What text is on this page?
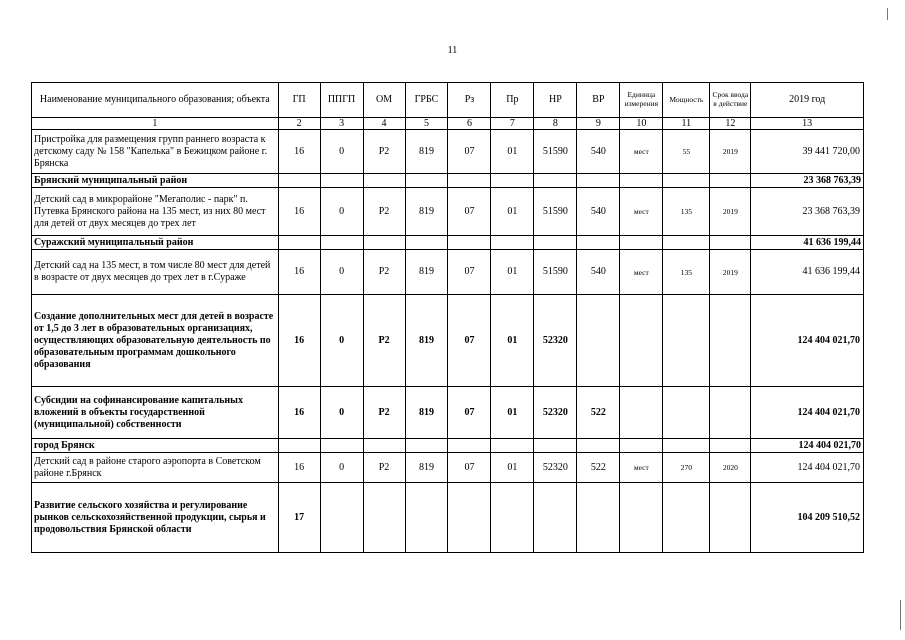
11
Наименование муниципального образования; объекта	ГП	ППГП	ОМ	ГРБС	Рз	Пр	НР	ВР	Единица измерения	Мощность	Срок ввода в действие	2019 год
1	2	3	4	5	6	7	8	9	10	11	12	13
Пристройка для размещения групп раннего возраста к детскому саду № 158 "Капелька" в Бежицком районе г. Брянска	16	0	Р2	819	07	01	51590	540	мест	55	2019	39 441 720,00
Брянский муниципальный район												23 368 763,39
Детский сад в микрорайоне "Мегаполис - парк" п. Путевка Брянского района на 135 мест, из них 80 мест для детей от двух месяцев до трех лет	16	0	Р2	819	07	01	51590	540	мест	135	2019	23 368 763,39
Суражский муниципальный район												41 636 199,44
Детский сад на 135 мест, в том числе 80 мест для детей в возрасте от двух месяцев до трех лет в г.Сураже	16	0	Р2	819	07	01	51590	540	мест	135	2019	41 636 199,44
Создание дополнительных мест для детей в возрасте от 1,5 до 3 лет в образовательных организациях, осуществляющих образовательную деятельность по образовательным программам дошкольного образования	16	0	Р2	819	07	01	52320					124 404 021,70
Субсидии на софинансирование капитальных вложений в объекты государственной (муниципальной) собственности	16	0	Р2	819	07	01	52320	522				124 404 021,70
город Брянск												124 404 021,70
Детский сад в районе старого аэропорта в Советском районе г.Брянск	16	0	Р2	819	07	01	52320	522	мест	270	2020	124 404 021,70
Развитие сельского хозяйства и регулирование рынков сельскохозяйственной продукции, сырья и продовольствия Брянской области	17											104 209 510,52
